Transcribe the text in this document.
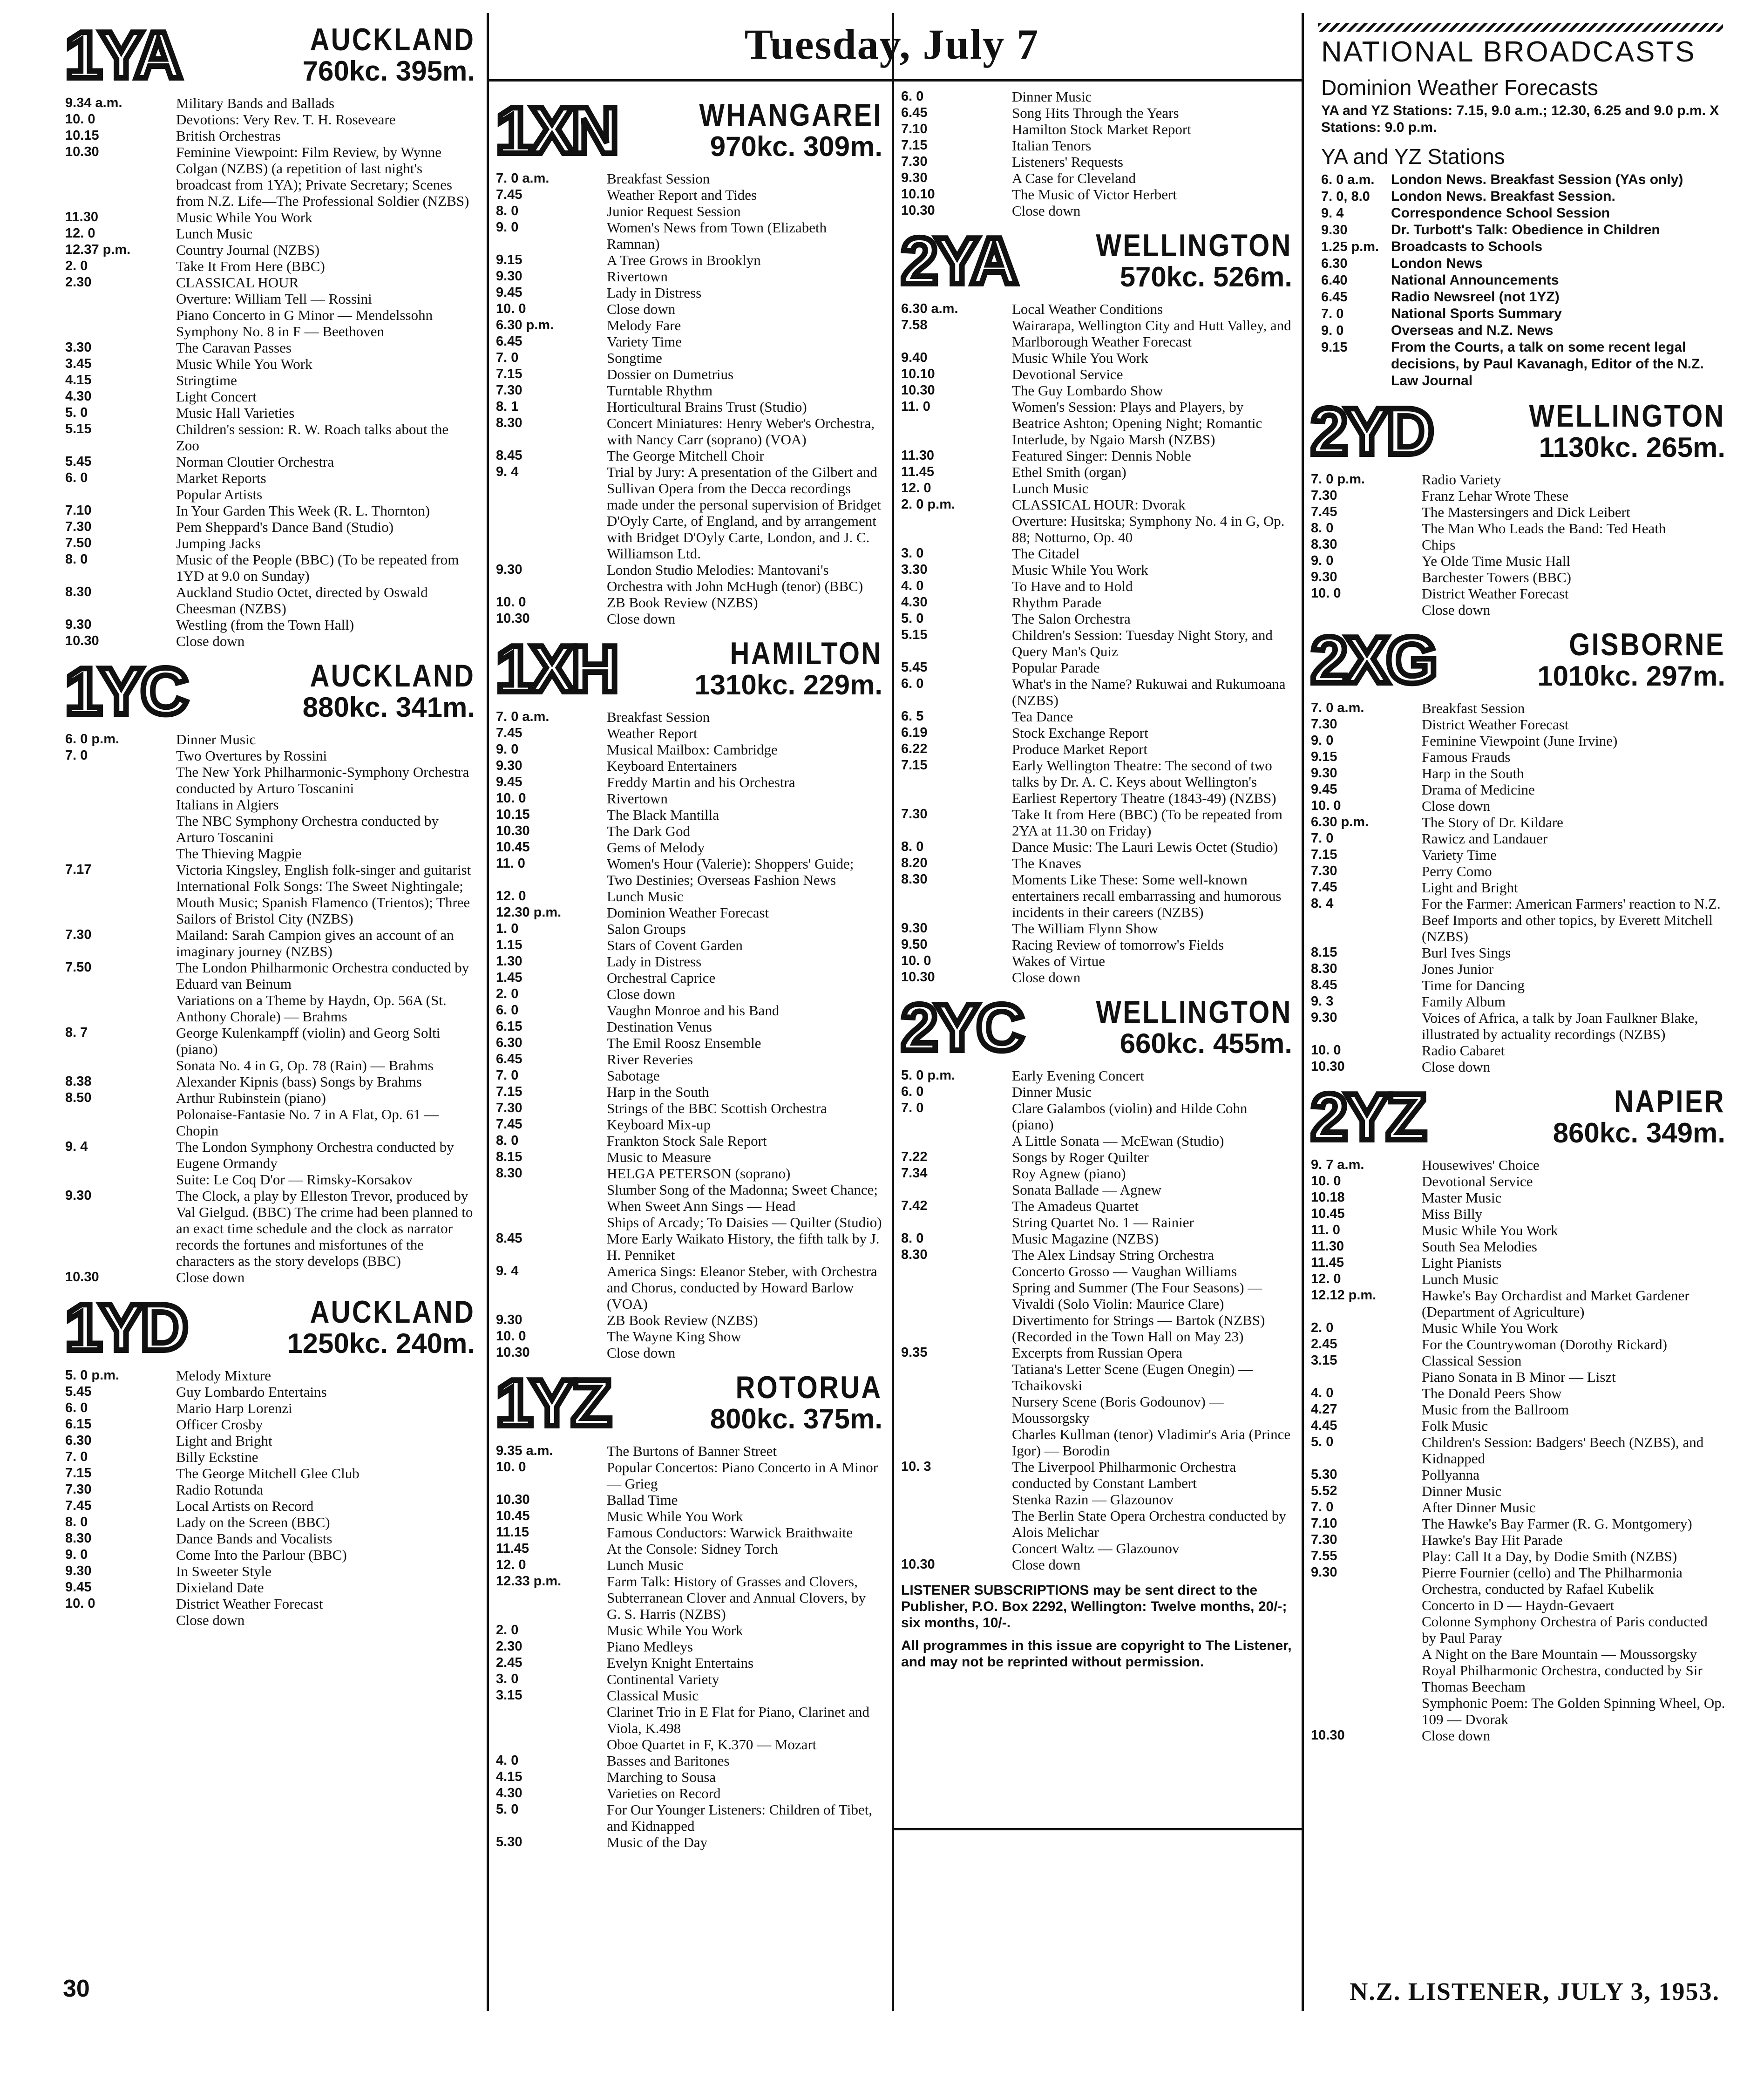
Tuesday, July 7
1YA	AUCKLAND
760kc. 395m.
9.34 a.m.	Military Bands and Ballads
10. 0	Devotions: Very Rev. T. H. Roseveare
10.15	British Orchestras
10.30	Feminine Viewpoint: Film Review, by Wynne Colgan (NZBS) (a repetition of last night's broadcast from 1YA); Private Secretary; Scenes from N.Z. Life—The Professional Soldier (NZBS)
11.30	Music While You Work
12. 0	Lunch Music
12.37 p.m.	Country Journal (NZBS)
2. 0	Take It From Here (BBC)
2.30	CLASSICAL HOUR
Overture: William Tell — Rossini
Piano Concerto in G Minor — Mendelssohn
Symphony No. 8 in F — Beethoven
3.30	The Caravan Passes
3.45	Music While You Work
4.15	Stringtime
4.30	Light Concert
5. 0	Music Hall Varieties
5.15	Children's session: R. W. Roach talks about the Zoo
5.45	Norman Cloutier Orchestra
6. 0	Market Reports
Popular Artists
7.10	In Your Garden This Week (R. L. Thornton)
7.30	Pem Sheppard's Dance Band (Studio)
7.50	Jumping Jacks
8. 0	Music of the People (BBC) (To be repeated from 1YD at 9.0 on Sunday)
8.30	Auckland Studio Octet, directed by Oswald Cheesman (NZBS)
9.30	Westling (from the Town Hall)
10.30	Close down
1YC	AUCKLAND
880kc. 341m.
6. 0 p.m.	Dinner Music
7. 0	Two Overtures by Rossini
The New York Philharmonic-Symphony Orchestra conducted by Arturo Toscanini
Italians in Algiers
The NBC Symphony Orchestra conducted by Arturo Toscanini
The Thieving Magpie
7.17	Victoria Kingsley, English folk-singer and guitarist
International Folk Songs: The Sweet Nightingale; Mouth Music; Spanish Flamenco (Trientos); Three Sailors of Bristol City (NZBS)
7.30	Mailand: Sarah Campion gives an account of an imaginary journey (NZBS)
7.50	The London Philharmonic Orchestra conducted by Eduard van Beinum
Variations on a Theme by Haydn, Op. 56A (St. Anthony Chorale) — Brahms
8. 7	George Kulenkampff (violin) and Georg Solti (piano)
Sonata No. 4 in G, Op. 78 (Rain) — Brahms
8.38	Alexander Kipnis (bass) Songs by Brahms
8.50	Arthur Rubinstein (piano)
Polonaise-Fantasie No. 7 in A Flat, Op. 61 — Chopin
9. 4	The London Symphony Orchestra conducted by Eugene Ormandy
Suite: Le Coq D'or — Rimsky-Korsakov
9.30	The Clock, a play by Elleston Trevor, produced by Val Gielgud. (BBC) The crime had been planned to an exact time schedule and the clock as narrator records the fortunes and misfortunes of the characters as the story develops (BBC)
10.30	Close down
1YD	AUCKLAND
1250kc. 240m.
5. 0 p.m.	Melody Mixture
5.45	Guy Lombardo Entertains
6. 0	Mario Harp Lorenzi
6.15	Officer Crosby
6.30	Light and Bright
7. 0	Billy Eckstine
7.15	The George Mitchell Glee Club
7.30	Radio Rotunda
7.45	Local Artists on Record
8. 0	Lady on the Screen (BBC)
8.30	Dance Bands and Vocalists
9. 0	Come Into the Parlour (BBC)
9.30	In Sweeter Style
9.45	Dixieland Date
10. 0	District Weather Forecast
Close down
1XN	WHANGAREI
970kc. 309m.
7. 0 a.m.	Breakfast Session
7.45	Weather Report and Tides
8. 0	Junior Request Session
9. 0	Women's News from Town (Elizabeth Ramnan)
9.15	A Tree Grows in Brooklyn
9.30	Rivertown
9.45	Lady in Distress
10. 0	Close down
6.30 p.m.	Melody Fare
6.45	Variety Time
7. 0	Songtime
7.15	Dossier on Dumetrius
7.30	Turntable Rhythm
8. 1	Horticultural Brains Trust (Studio)
8.30	Concert Miniatures: Henry Weber's Orchestra, with Nancy Carr (soprano) (VOA)
8.45	The George Mitchell Choir
9. 4	Trial by Jury: A presentation of the Gilbert and Sullivan Opera from the Decca recordings made under the personal supervision of Bridget D'Oyly Carte, of England, and by arrangement with Bridget D'Oyly Carte, London, and J. C. Williamson Ltd.
9.30	London Studio Melodies: Mantovani's Orchestra with John McHugh (tenor) (BBC)
10. 0	ZB Book Review (NZBS)
10.30	Close down
1XH	HAMILTON
1310kc. 229m.
7. 0 a.m.	Breakfast Session
7.45	Weather Report
9. 0	Musical Mailbox: Cambridge
9.30	Keyboard Entertainers
9.45	Freddy Martin and his Orchestra
10. 0	Rivertown
10.15	The Black Mantilla
10.30	The Dark God
10.45	Gems of Melody
11. 0	Women's Hour (Valerie): Shoppers' Guide; Two Destinies; Overseas Fashion News
12. 0	Lunch Music
12.30 p.m.	Dominion Weather Forecast
1. 0	Salon Groups
1.15	Stars of Covent Garden
1.30	Lady in Distress
1.45	Orchestral Caprice
2. 0	Close down
6. 0	Vaughn Monroe and his Band
6.15	Destination Venus
6.30	The Emil Roosz Ensemble
6.45	River Reveries
7. 0	Sabotage
7.15	Harp in the South
7.30	Strings of the BBC Scottish Orchestra
7.45	Keyboard Mix-up
8. 0	Frankton Stock Sale Report
8.15	Music to Measure
8.30	HELGA PETERSON (soprano)
Slumber Song of the Madonna; Sweet Chance; When Sweet Ann Sings — Head
Ships of Arcady; To Daisies — Quilter (Studio)
8.45	More Early Waikato History, the fifth talk by J. H. Penniket
9. 4	America Sings: Eleanor Steber, with Orchestra and Chorus, conducted by Howard Barlow (VOA)
9.30	ZB Book Review (NZBS)
10. 0	The Wayne King Show
10.30	Close down
1YZ	ROTORUA
800kc. 375m.
9.35 a.m.	The Burtons of Banner Street
10. 0	Popular Concertos: Piano Concerto in A Minor — Grieg
10.30	Ballad Time
10.45	Music While You Work
11.15	Famous Conductors: Warwick Braithwaite
11.45	At the Console: Sidney Torch
12. 0	Lunch Music
12.33 p.m.	Farm Talk: History of Grasses and Clovers, Subterranean Clover and Annual Clovers, by G. S. Harris (NZBS)
2. 0	Music While You Work
2.30	Piano Medleys
2.45	Evelyn Knight Entertains
3. 0	Continental Variety
3.15	Classical Music
Clarinet Trio in E Flat for Piano, Clarinet and Viola, K.498
Oboe Quartet in F, K.370 — Mozart
4. 0	Basses and Baritones
4.15	Marching to Sousa
4.30	Varieties on Record
5. 0	For Our Younger Listeners: Children of Tibet, and Kidnapped
5.30	Music of the Day
6. 0	Dinner Music
6.45	Song Hits Through the Years
7.10	Hamilton Stock Market Report
7.15	Italian Tenors
7.30	Listeners' Requests
9.30	A Case for Cleveland
10.10	The Music of Victor Herbert
10.30	Close down
2YA	WELLINGTON
570kc. 526m.
6.30 a.m.	Local Weather Conditions
7.58	Wairarapa, Wellington City and Hutt Valley, and Marlborough Weather Forecast
9.40	Music While You Work
10.10	Devotional Service
10.30	The Guy Lombardo Show
11. 0	Women's Session: Plays and Players, by Beatrice Ashton; Opening Night; Romantic Interlude, by Ngaio Marsh (NZBS)
11.30	Featured Singer: Dennis Noble
11.45	Ethel Smith (organ)
12. 0	Lunch Music
2. 0 p.m.	CLASSICAL HOUR: Dvorak
Overture: Husitska; Symphony No. 4 in G, Op. 88; Notturno, Op. 40
3. 0	The Citadel
3.30	Music While You Work
4. 0	To Have and to Hold
4.30	Rhythm Parade
5. 0	The Salon Orchestra
5.15	Children's Session: Tuesday Night Story, and Query Man's Quiz
5.45	Popular Parade
6. 0	What's in the Name? Rukuwai and Rukumoana (NZBS)
6. 5	Tea Dance
6.19	Stock Exchange Report
6.22	Produce Market Report
7.15	Early Wellington Theatre: The second of two talks by Dr. A. C. Keys about Wellington's Earliest Repertory Theatre (1843-49) (NZBS)
7.30	Take It from Here (BBC) (To be repeated from 2YA at 11.30 on Friday)
8. 0	Dance Music: The Lauri Lewis Octet (Studio)
8.20	The Knaves
8.30	Moments Like These: Some well-known entertainers recall embarrassing and humorous incidents in their careers (NZBS)
9.30	The William Flynn Show
9.50	Racing Review of tomorrow's Fields
10. 0	Wakes of Virtue
10.30	Close down
2YC WELLINGTON
660kc. 455m.
5. 0 p.m.	Early Evening Concert
6. 0	Dinner Music
7. 0	Clare Galambos (violin) and Hilde Cohn (piano)
A Little Sonata — McEwan (Studio)
7.22	Songs by Roger Quilter
7.34	Roy Agnew (piano)
Sonata Ballade — Agnew
7.42	The Amadeus Quartet
String Quartet No. 1 — Rainier
8. 0	Music Magazine (NZBS)
8.30	The Alex Lindsay String Orchestra
Concerto Grosso — Vaughan Williams
Spring and Summer (The Four Seasons) — Vivaldi (Solo Violin: Maurice Clare)
Divertimento for Strings — Bartok (NZBS) (Recorded in the Town Hall on May 23)
9.35	Excerpts from Russian Opera
Tatiana's Letter Scene (Eugen Onegin) — Tchaikovski
Nursery Scene (Boris Godounov) — Moussorgsky
Charles Kullman (tenor) Vladimir's Aria (Prince Igor) — Borodin
10. 3	The Liverpool Philharmonic Orchestra conducted by Constant Lambert
Stenka Razin — Glazounov
The Berlin State Opera Orchestra conducted by Alois Melichar
Concert Waltz — Glazounov
10.30	Close down
LISTENER SUBSCRIPTIONS may be sent direct to the Publisher, P.O. Box 2292, Wellington: Twelve months, 20/-; six months, 10/-.
All programmes in this issue are copyright to The Listener, and may not be reprinted without permission.
NATIONAL BROADCASTS
Dominion Weather Forecasts
YA and YZ Stations: 7.15, 9.0 a.m.; 12.30, 6.25 and 9.0 p.m. X Stations: 9.0 p.m.
YA and YZ Stations
6. 0 a.m.	London News. Breakfast Session (YAs only)
7. 0, 8.0	London News. Breakfast Session.
9. 4	Correspondence School Session
9.30	Dr. Turbott's Talk: Obedience in Children
1.25 p.m. Broadcasts to Schools
6.30	London News
6.40	National Announcements
6.45	Radio Newsreel (not 1YZ)
7. 0	National Sports Summary
9. 0	Overseas and N.Z. News
9.15	From the Courts, a talk on some recent legal decisions, by Paul Kavanagh, Editor of the N.Z. Law Journal
2YD	WELLINGTON
1130kc. 265m.
7. 0 p.m.	Radio Variety
7.30	Franz Lehar Wrote These
7.45	The Mastersingers and Dick Leibert
8. 0	The Man Who Leads the Band: Ted Heath
8.30	Chips
9. 0	Ye Olde Time Music Hall
9.30	Barchester Towers (BBC)
10. 0	District Weather Forecast
Close down
2XG	GISBORNE
1010kc. 297m.
7. 0 a.m.	Breakfast Session
7.30	District Weather Forecast
9. 0	Feminine Viewpoint (June Irvine)
9.15	Famous Frauds
9.30	Harp in the South
9.45	Drama of Medicine
10. 0	Close down
6.30 p.m.	The Story of Dr. Kildare
7. 0	Rawicz and Landauer
7.15	Variety Time
7.30	Perry Como
7.45	Light and Bright
8. 4	For the Farmer: American Farmers' reaction to N.Z. Beef Imports and other topics, by Everett Mitchell (NZBS)
8.15	Burl Ives Sings
8.30	Jones Junior
8.45	Time for Dancing
9. 3	Family Album
9.30	Voices of Africa, a talk by Joan Faulkner Blake, illustrated by actuality recordings (NZBS)
10. 0	Radio Cabaret
10.30	Close down
2YZ	NAPIER
860kc. 349m.
9. 7 a.m.	Housewives' Choice
10. 0	Devotional Service
10.18	Master Music
10.45	Miss Billy
11. 0	Music While You Work
11.30	South Sea Melodies
11.45	Light Pianists
12. 0	Lunch Music
12.12 p.m.	Hawke's Bay Orchardist and Market Gardener (Department of Agriculture)
2. 0	Music While You Work
2.45	For the Countrywoman (Dorothy Rickard)
3.15	Classical Session
Piano Sonata in B Minor — Liszt
4. 0	The Donald Peers Show
4.27	Music from the Ballroom
4.45	Folk Music
5. 0	Children's Session: Badgers' Beech (NZBS), and Kidnapped
5.30	Pollyanna
5.52	Dinner Music
7. 0	After Dinner Music
7.10	The Hawke's Bay Farmer (R. G. Montgomery)
7.30	Hawke's Bay Hit Parade
7.55	Play: Call It a Day, by Dodie Smith (NZBS)
9.30	Pierre Fournier (cello) and The Philharmonia Orchestra, conducted by Rafael Kubelik
Concerto in D — Haydn-Gevaert
Colonne Symphony Orchestra of Paris conducted by Paul Paray
A Night on the Bare Mountain — Moussorgsky
Royal Philharmonic Orchestra, conducted by Sir Thomas Beecham
Symphonic Poem: The Golden Spinning Wheel, Op. 109 — Dvorak
10.30	Close down
30	N.Z. LISTENER, JULY 3, 1953.
